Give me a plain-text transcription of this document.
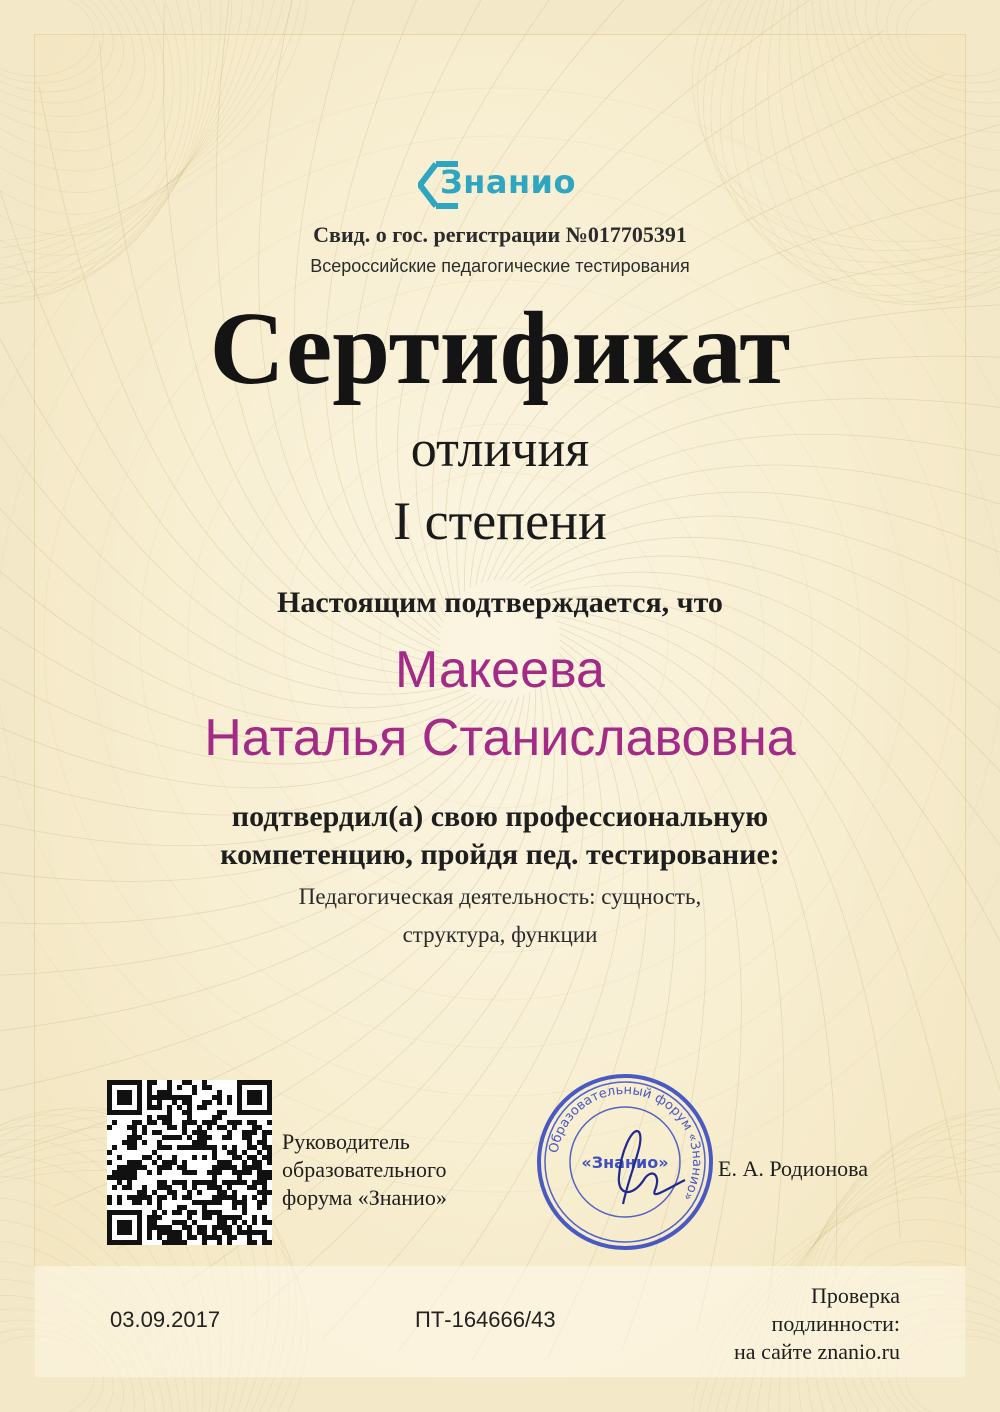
Знанио
Свид. о гос. регистрации №017705391
Всероссийские педагогические тестирования
Сертификат
отличия
I степени
Настоящим подтверждается, что
Макеева
Наталья Станиславовна
подтвердил(а) свою профессиональную
компетенцию, пройдя пед. тестирование:
Педагогическая деятельность: сущность,
структура, функции
Руководитель
образовательного
форума «Знанио»
Образовательный форум «Знанио»
«Знанио» Е. А. Родионова
03.09.2017	ПТ-164666/43
Проверка
подлинности:
на сайте znanio.ru
